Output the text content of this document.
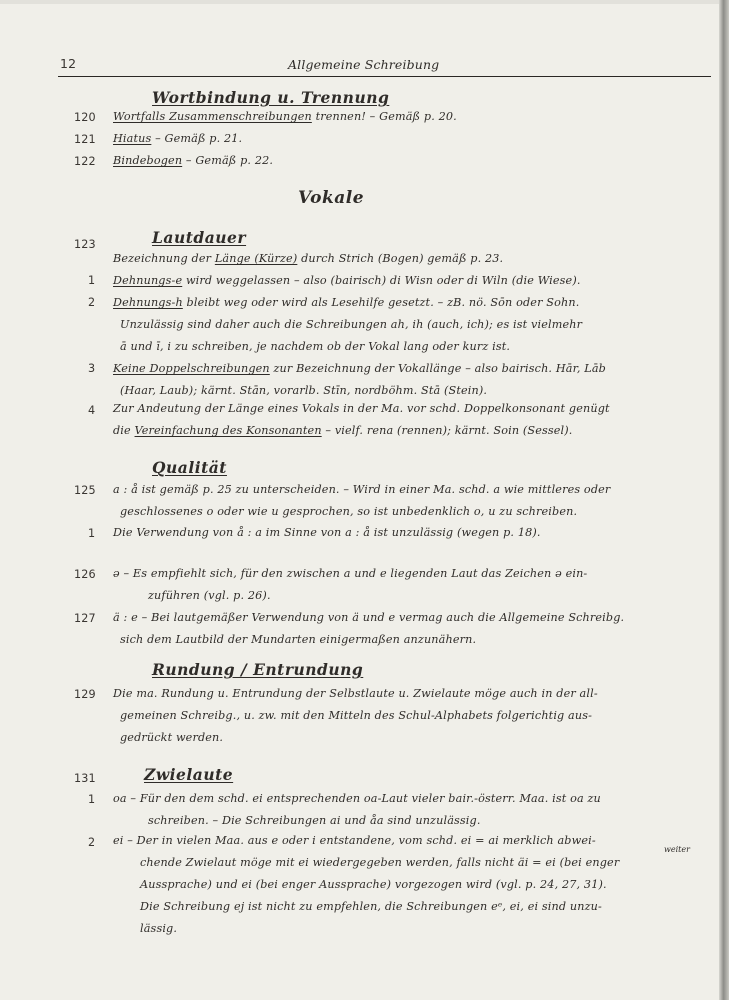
12	Allgemeine Schreibung
Wortbindung u. Trennung
120 Wortfalls Zusammenschreibungen trennen! – Gemäß p. 20.
121 Hiatus – Gemäß p. 21.
122 Bindebogen – Gemäß p. 22.
Vokale
Lautdauer
123
Bezeichnung der Länge (Kürze) durch Strich (Bogen) gemäß p. 23.
1 Dehnungs-e wird weggelassen – also (bairisch) di Wisn oder di Wiln (die Wiese).
2 Dehnungs-h bleibt weg oder wird als Lesehilfe gesetzt. – zB. nö. Sōn oder Sohn.
Unzulässig sind daher auch die Schreibungen ah, ih (auch, ich); es ist vielmehr
ā und ī, i zu schreiben, je nachdem ob der Vokal lang oder kurz ist.
3 Keine Doppelschreibungen zur Bezeichnung der Vokallänge – also bairisch. Hār, Lāb
(Haar, Laub); kärnt. Stān, vorarlb. Stīn, nordböhm. Stā (Stein).
4 Zur Andeutung der Länge eines Vokals in der Ma. vor schd. Doppelkonsonant genügt
die Vereinfachung des Konsonanten – vielf. rena (rennen); kärnt. Soin (Sessel).
Qualität
125 a : å ist gemäß p. 25 zu unterscheiden. – Wird in einer Ma. schd. a wie mittleres oder
geschlossenes o oder wie u gesprochen, so ist unbedenklich o, u zu schreiben.
1 Die Verwendung von å : a im Sinne von a : å ist unzulässig (wegen p. 18).
126 ə – Es empfiehlt sich, für den zwischen a und e liegenden Laut das Zeichen ə ein-
zuführen (vgl. p. 26).
127 ä : e – Bei lautgemäßer Verwendung von ä und e vermag auch die Allgemeine Schreibg.
sich dem Lautbild der Mundarten einigermaßen anzunähern.
Rundung / Entrundung
129 Die ma. Rundung u. Entrundung der Selbstlaute u. Zwielaute möge auch in der all-
gemeinen Schreibg., u. zw. mit den Mitteln des Schul-Alphabets folgerichtig aus-
gedrückt werden.
131	Zwielaute
1 oa – Für den dem schd. ei entsprechenden oa-Laut vieler bair.-österr. Maa. ist oa zu
schreiben. – Die Schreibungen ai und åa sind unzulässig.
2 ei – Der in vielen Maa. aus e oder i entstandene, vom schd. ei = ai merklich abwei-
weiter
chende Zwielaut möge mit ei wiedergegeben werden, falls nicht äi = ei (bei enger
Aussprache) und ei (bei enger Aussprache) vorgezogen wird (vgl. p. 24, 27, 31).
Die Schreibung ej ist nicht zu empfehlen, die Schreibungen eᵉ, ei, ei sind unzu-
lässig.
